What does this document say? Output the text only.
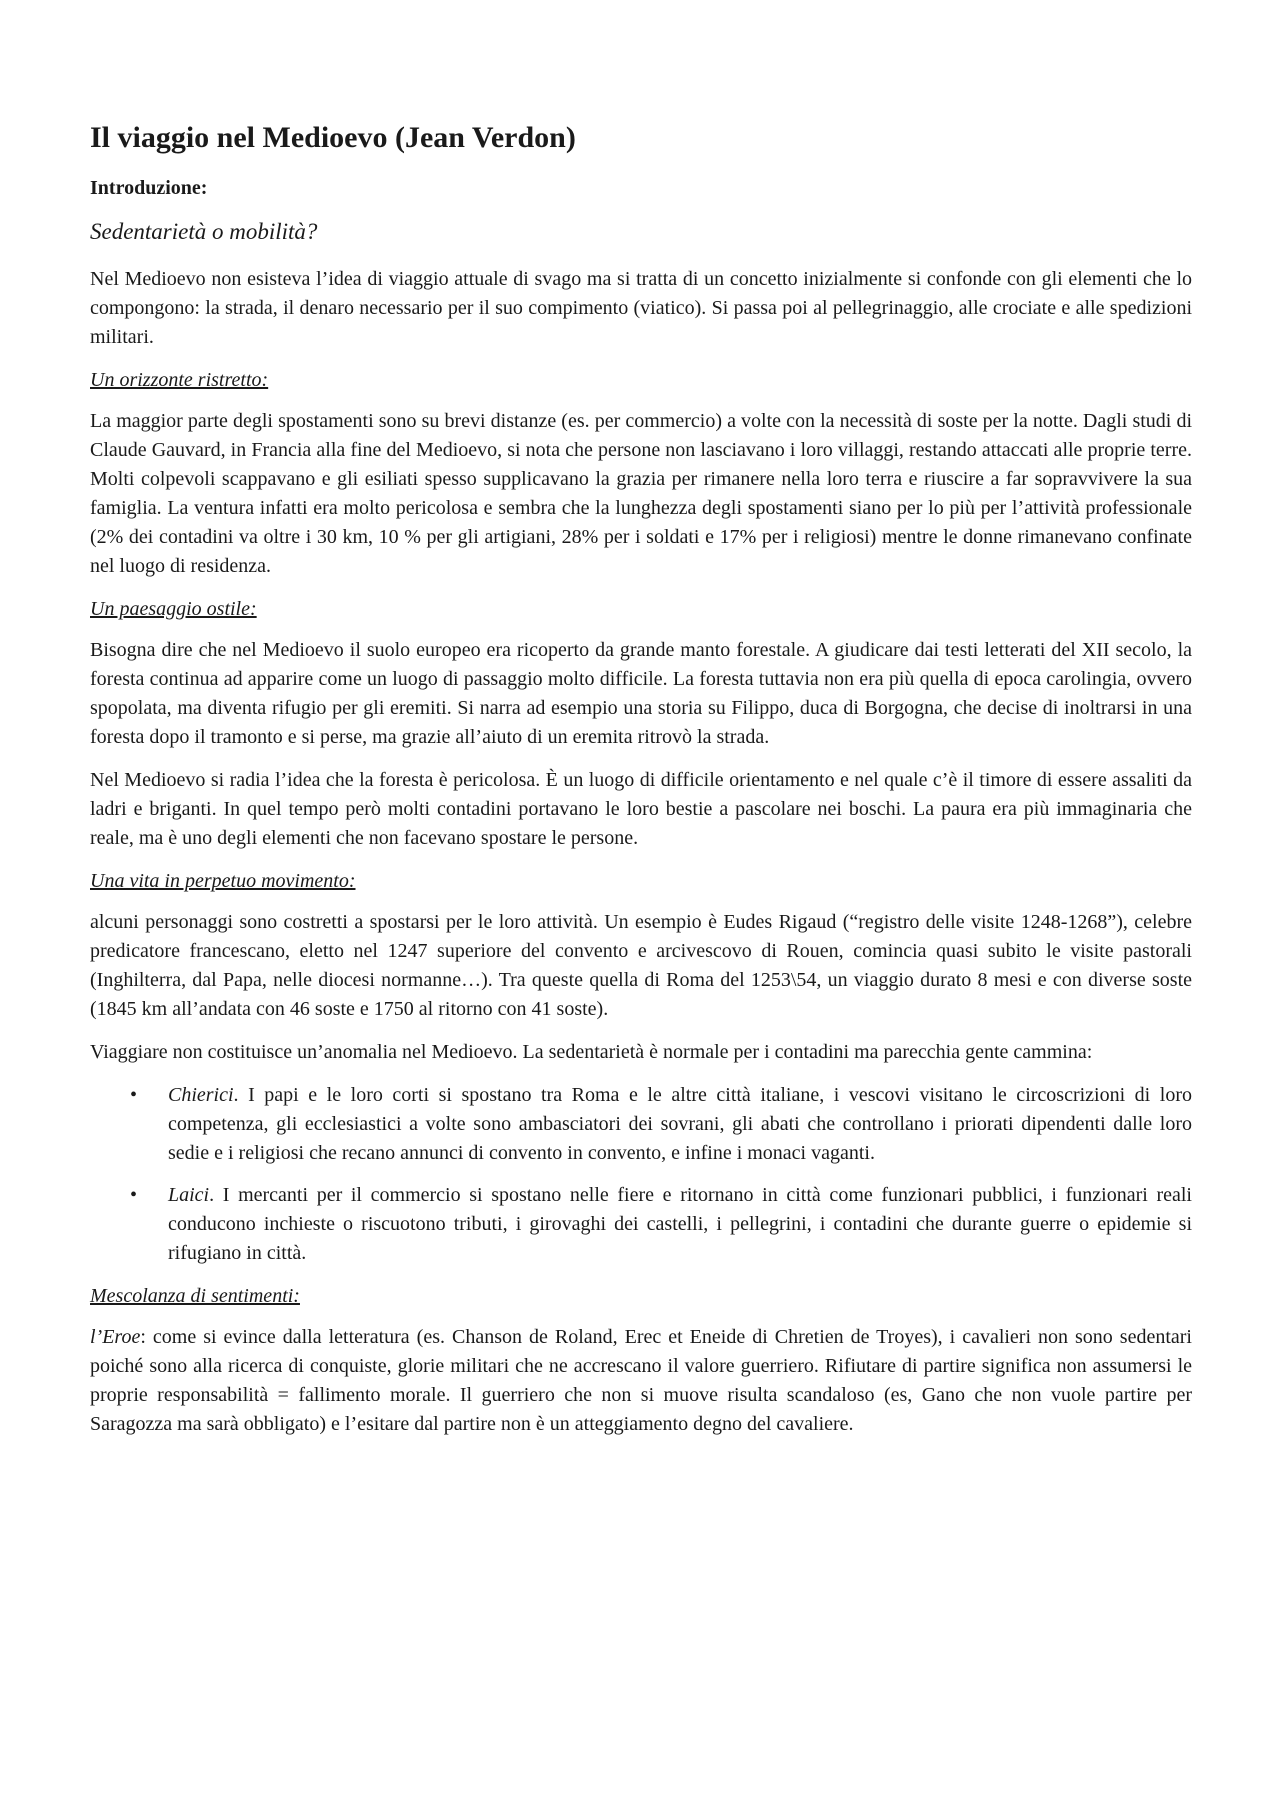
Il viaggio nel Medioevo (Jean Verdon)
Introduzione:
Sedentarietà o mobilità?

Nel Medioevo non esisteva l’idea di viaggio attuale di svago ma si tratta di un concetto inizialmente si confonde con gli elementi che lo compongono: la strada, il denaro necessario per il suo compimento (viatico). Si passa poi al pellegrinaggio, alle crociate e alle spedizioni militari.

Un orizzonte ristretto:

La maggior parte degli spostamenti sono su brevi distanze (es. per commercio) a volte con la necessità di soste per la notte. Dagli studi di Claude Gauvard, in Francia alla fine del Medioevo, si nota che persone non lasciavano i loro villaggi, restando attaccati alle proprie terre. Molti colpevoli scappavano e gli esiliati spesso supplicavano la grazia per rimanere nella loro terra e riuscire a far sopravvivere la sua famiglia. La ventura infatti era molto pericolosa e sembra che la lunghezza degli spostamenti siano per lo più per l’attività professionale (2% dei contadini va oltre i 30 km, 10 % per gli artigiani, 28% per i soldati e 17% per i religiosi) mentre le donne rimanevano confinate nel luogo di residenza.

Un paesaggio ostile:

Bisogna dire che nel Medioevo il suolo europeo era ricoperto da grande manto forestale. A giudicare dai testi letterati del XII secolo, la foresta continua ad apparire come un luogo di passaggio molto difficile. La foresta tuttavia non era più quella di epoca carolingia, ovvero spopolata, ma diventa rifugio per gli eremiti. Si narra ad esempio una storia su Filippo, duca di Borgogna, che decise di inoltrarsi in una foresta dopo il tramonto e si perse, ma grazie all’aiuto di un eremita ritrovò la strada.

Nel Medioevo si radia l’idea che la foresta è pericolosa. È un luogo di difficile orientamento e nel quale c’è il timore di essere assaliti da ladri e briganti. In quel tempo però molti contadini portavano le loro bestie a pascolare nei boschi. La paura era più immaginaria che reale, ma è uno degli elementi che non facevano spostare le persone.

Una vita in perpetuo movimento:

alcuni personaggi sono costretti a spostarsi per le loro attività. Un esempio è Eudes Rigaud (“registro delle visite 1248-1268”), celebre predicatore francescano, eletto nel 1247 superiore del convento e arcivescovo di Rouen, comincia quasi subito le visite pastorali (Inghilterra, dal Papa, nelle diocesi normanne…). Tra queste quella di Roma del 1253\54, un viaggio durato 8 mesi e con diverse soste (1845 km all’andata con 46 soste e 1750 al ritorno con 41 soste).

Viaggiare non costituisce un’anomalia nel Medioevo. La sedentarietà è normale per i contadini ma parecchia gente cammina:

• Chierici. I papi e le loro corti si spostano tra Roma e le altre città italiane, i vescovi visitano le circoscrizioni di loro competenza, gli ecclesiastici a volte sono ambasciatori dei sovrani, gli abati che controllano i priorati dipendenti dalle loro sedie e i religiosi che recano annunci di convento in convento, e infine i monaci vaganti.
• Laici. I mercanti per il commercio si spostano nelle fiere e ritornano in città come funzionari pubblici, i funzionari reali conducono inchieste o riscuotono tributi, i girovaghi dei castelli, i pellegrini, i contadini che durante guerre o epidemie si rifugiano in città.
Mescolanza di sentimenti:

l’Eroe: come si evince dalla letteratura (es. Chanson de Roland, Erec et Eneide di Chretien de Troyes), i cavalieri non sono sedentari poiché sono alla ricerca di conquiste, glorie militari che ne accrescano il valore guerriero. Rifiutare di partire significa non assumersi le proprie responsabilità = fallimento morale. Il guerriero che non si muove risulta scandaloso (es, Gano che non vuole partire per Saragozza ma sarà obbligato) e l’esitare dal partire non è un atteggiamento degno del cavaliere.
